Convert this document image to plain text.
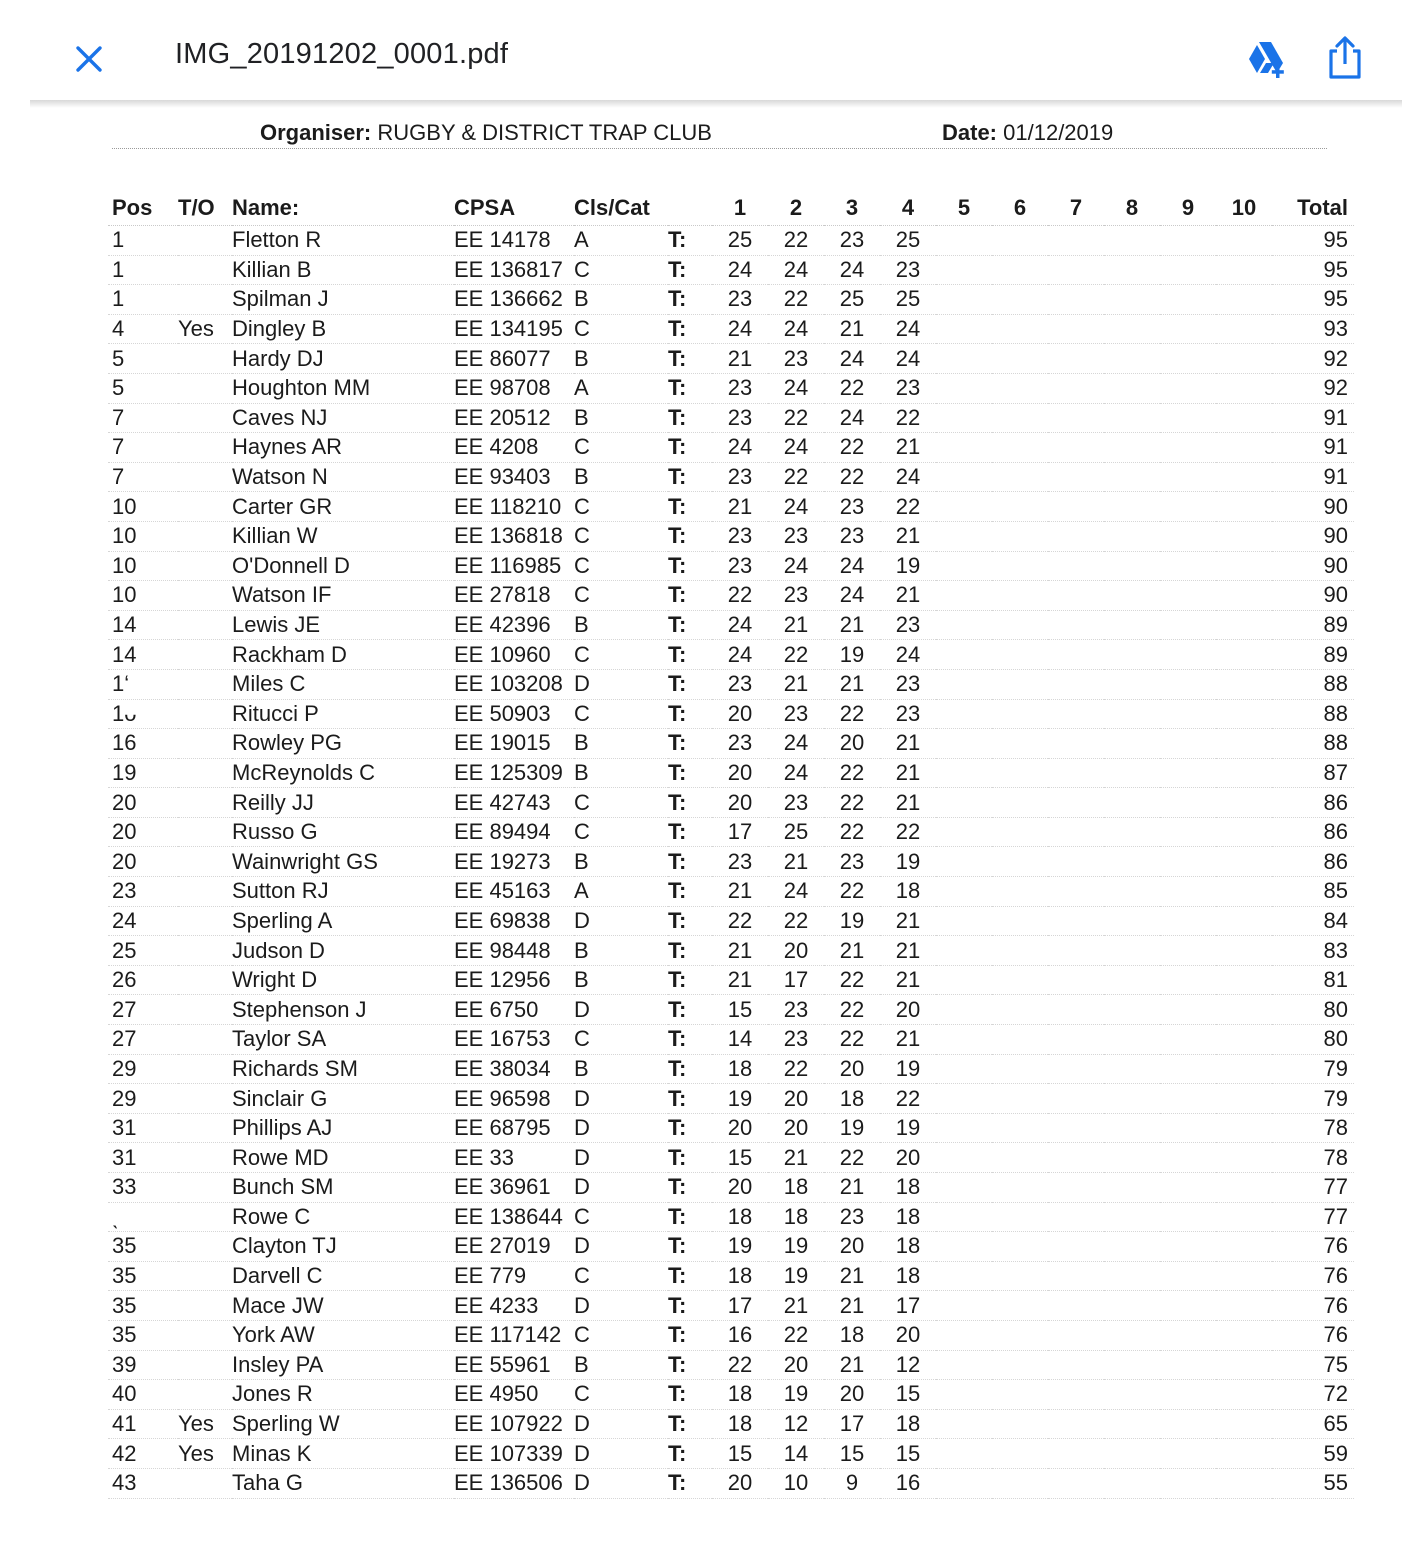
IMG_20191202_0001.pdf
Organiser: RUGBY & DISTRICT TRAP CLUB	Date: 01/12/2019
Pos	T/O	Name:	CPSA	Cls/Cat		1	2	3	4	5	6	7	8	9	10	Total
1		Fletton R	EE 14178	A	T:	25	22	23	25							95
1		Killian B	EE 136817	C	T:	24	24	24	23							95
1		Spilman J	EE 136662	B	T:	23	22	25	25							95
4	Yes	Dingley B	EE 134195	C	T:	24	24	21	24							93
5		Hardy DJ	EE 86077	B	T:	21	23	24	24							92
5		Houghton MM	EE 98708	A	T:	23	24	22	23							92
7		Caves NJ	EE 20512	B	T:	23	22	24	22							91
7		Haynes AR	EE 4208	C	T:	24	24	22	21							91
7		Watson N	EE 93403	B	T:	23	22	22	24							91
10		Carter GR	EE 118210	C	T:	21	24	23	22							90
10		Killian W	EE 136818	C	T:	23	23	23	21							90
10		O'Donnell D	EE 116985	C	T:	23	24	24	19							90
10		Watson IF	EE 27818	C	T:	22	23	24	21							90
14		Lewis JE	EE 42396	B	T:	24	21	21	23							89
14		Rackham D	EE 10960	C	T:	24	22	19	24							89
1‘		Miles C	EE 103208	D	T:	23	21	21	23							88
1ᴗ		Ritucci P	EE 50903	C	T:	20	23	22	23							88
16		Rowley PG	EE 19015	B	T:	23	24	20	21							88
19		McReynolds C	EE 125309	B	T:	20	24	22	21							87
20		Reilly JJ	EE 42743	C	T:	20	23	22	21							86
20		Russo G	EE 89494	C	T:	17	25	22	22							86
20		Wainwright GS	EE 19273	B	T:	23	21	23	19							86
23		Sutton RJ	EE 45163	A	T:	21	24	22	18							85
24		Sperling A	EE 69838	D	T:	22	22	19	21							84
25		Judson D	EE 98448	B	T:	21	20	21	21							83
26		Wright D	EE 12956	B	T:	21	17	22	21							81
27		Stephenson J	EE 6750	D	T:	15	23	22	20							80
27		Taylor SA	EE 16753	C	T:	14	23	22	21							80
29		Richards SM	EE 38034	B	T:	18	22	20	19							79
29		Sinclair G	EE 96598	D	T:	19	20	18	22							79
31		Phillips AJ	EE 68795	D	T:	20	20	19	19							78
31		Rowe MD	EE 33	D	T:	15	21	22	20							78
33		Bunch SM	EE 36961	D	T:	20	18	21	18							77
ˎ		Rowe C	EE 138644	C	T:	18	18	23	18							77
35		Clayton TJ	EE 27019	D	T:	19	19	20	18							76
35		Darvell C	EE 779	C	T:	18	19	21	18							76
35		Mace JW	EE 4233	D	T:	17	21	21	17							76
35		York AW	EE 117142	C	T:	16	22	18	20							76
39		Insley PA	EE 55961	B	T:	22	20	21	12							75
40		Jones R	EE 4950	C	T:	18	19	20	15							72
41	Yes	Sperling W	EE 107922	D	T:	18	12	17	18							65
42	Yes	Minas K	EE 107339	D	T:	15	14	15	15							59
43		Taha G	EE 136506	D	T:	20	10	9	16							55
